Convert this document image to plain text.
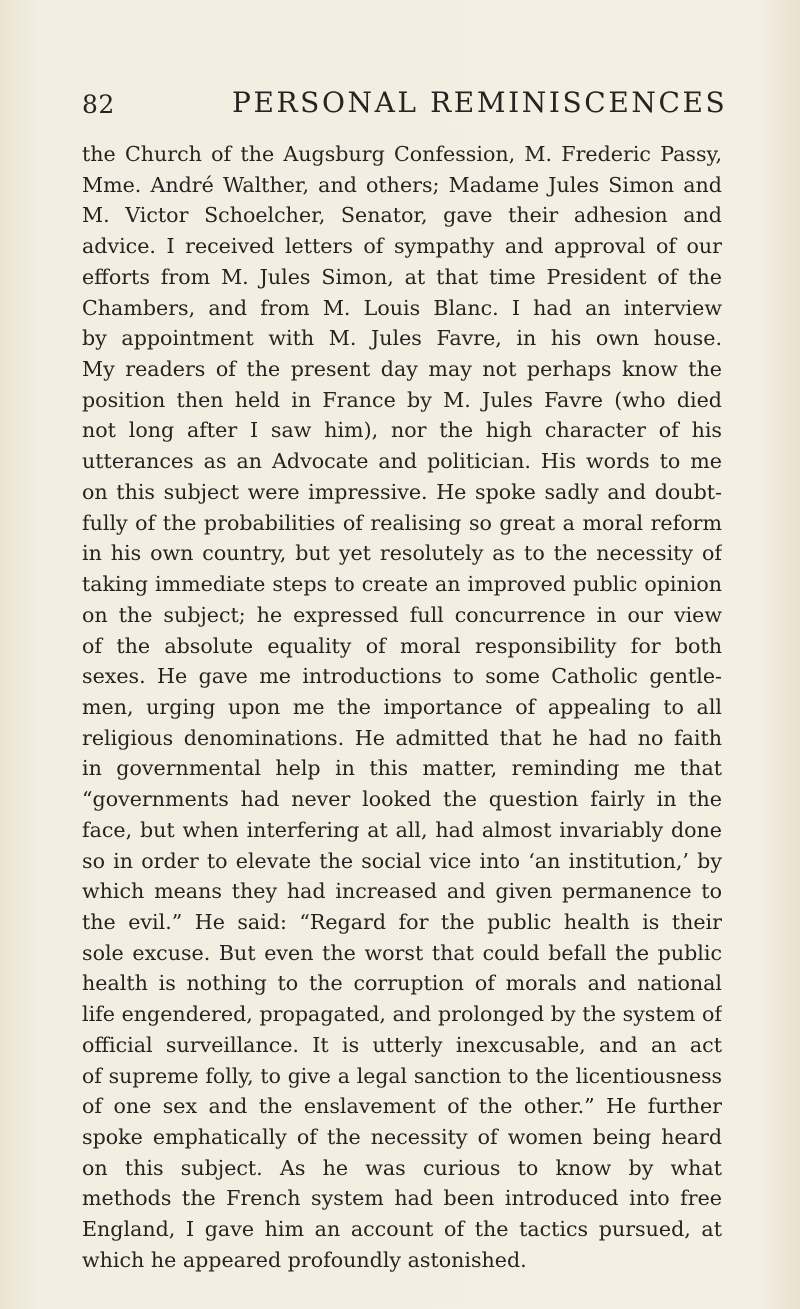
82	PERSONAL REMINISCENCES
the Church of the Augsburg Confession, M. Frederic Passy,
Mme. André Walther, and others; Madame Jules Simon and
M. Victor Schoelcher, Senator, gave their adhesion and
advice. I received letters of sympathy and approval of our
efforts from M. Jules Simon, at that time President of the
Chambers, and from M. Louis Blanc. I had an interview
by appointment with M. Jules Favre, in his own house.
My readers of the present day may not perhaps know the
position then held in France by M. Jules Favre (who died
not long after I saw him), nor the high character of his
utterances as an Advocate and politician. His words to me
on this subject were impressive. He spoke sadly and doubt-
fully of the probabilities of realising so great a moral reform
in his own country, but yet resolutely as to the necessity of
taking immediate steps to create an improved public opinion
on the subject; he expressed full concurrence in our view
of the absolute equality of moral responsibility for both
sexes. He gave me introductions to some Catholic gentle-
men, urging upon me the importance of appealing to all
religious denominations. He admitted that he had no faith
in governmental help in this matter, reminding me that
“governments had never looked the question fairly in the
face, but when interfering at all, had almost invariably done
so in order to elevate the social vice into ‘an institution,’ by
which means they had increased and given permanence to
the evil.” He said: “Regard for the public health is their
sole excuse. But even the worst that could befall the public
health is nothing to the corruption of morals and national
life engendered, propagated, and prolonged by the system of
official surveillance. It is utterly inexcusable, and an act
of supreme folly, to give a legal sanction to the licentiousness
of one sex and the enslavement of the other.” He further
spoke emphatically of the necessity of women being heard
on this subject. As he was curious to know by what
methods the French system had been introduced into free
England, I gave him an account of the tactics pursued, at
which he appeared profoundly astonished.
